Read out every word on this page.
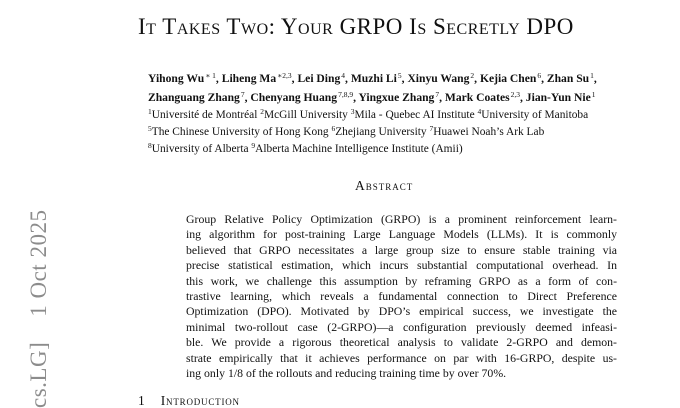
cs.LG]    1 Oct 2025
It Takes Two: Your GRPO Is Secretly DPO
Yihong $Wu^{∗ 1}$, Liheng $Ma^{∗2,3}$, Lei Ding$^4$, Muzhi Li$^5$, Xinyu Wang$^2$, Kejia Chen$^6$, Zhan Su$^1$,
Zhanguang Zhang$^7$, Chenyang Huang$^{7,8,9}$, Yingxue Zhang$^7$, Mark Coates$^{2,3}$, Jian-Yun Nie$^1$
$^1$Université de Montréal $^2$McGill University $^3$Mila - Quebec AI Institute $^4$University of Manitoba
$^5$The Chinese University of Hong Kong $^6$Zhejiang University $^7$Huawei Noah’s Ark Lab
$^8$University of Alberta $^9$Alberta Machine Intelligence Institute (Amii)
Abstract
Group Relative Policy Optimization (GRPO) is a prominent reinforcement learn-
ing algorithm for post-training Large Language Models (LLMs). It is commonly
believed that GRPO necessitates a large group size to ensure stable training via
precise statistical estimation, which incurs substantial computational overhead. In
this work, we challenge this assumption by reframing GRPO as a form of con-
trastive learning, which reveals a fundamental connection to Direct Preference
Optimization (DPO). Motivated by DPO’s empirical success, we investigate the
minimal two-rollout case (2-GRPO)—a configuration previously deemed infeasi-
ble. We provide a rigorous theoretical analysis to validate 2-GRPO and demon-
strate empirically that it achieves performance on par with 16-GRPO, despite us-
ing only 1/8 of the rollouts and reducing training time by over 70%.
1 Introduction
